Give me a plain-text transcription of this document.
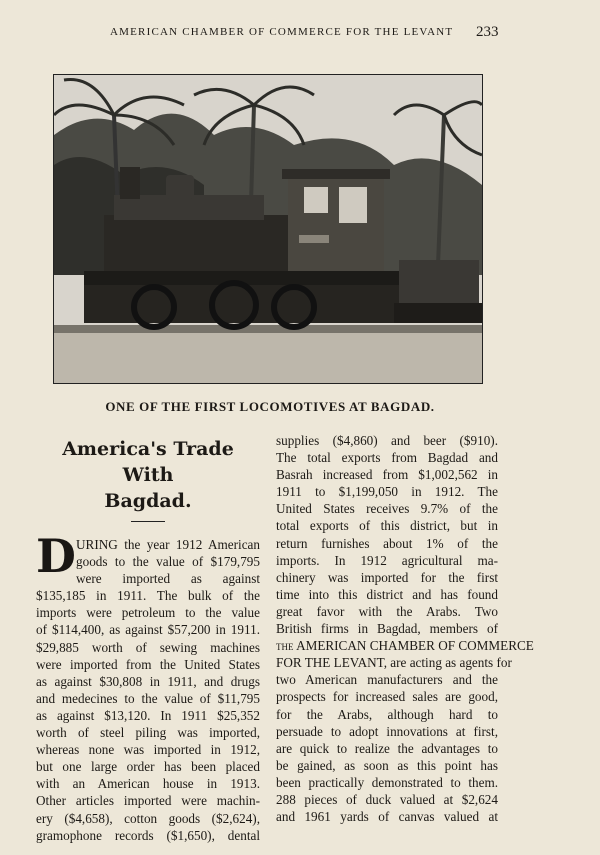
AMERICAN CHAMBER OF COMMERCE FOR THE LEVANT 233
ONE OF THE FIRST LOCOMOTIVES AT BAGDAD.
America's Trade With
Bagdad.
D URING the year 1912 American
goods to the value of $179,795
were imported as against
$135,185 in 1911. The bulk of the
imports were petroleum to the value
of $114,400, as against $57,200 in 1911.
$29,885 worth of sewing machines
were imported from the United States
as against $30,808 in 1911, and drugs
and medecines to the value of $11,795
as against $13,120. In 1911 $25,352
worth of steel piling was imported,
whereas none was imported in 1912,
but one large order has been placed
with an American house in 1913.
Other articles imported were machin-
ery ($4,658), cotton goods ($2,624),
gramophone records ($1,650), dental
supplies ($4,860) and beer ($910).
The total exports from Bagdad and
Basrah increased from $1,002,562 in
1911 to $1,199,050 in 1912. The
United States receives 9.7% of the
total exports of this district, but in
return furnishes about 1% of the
imports. In 1912 agricultural ma-
chinery was imported for the first
time into this district and has found
great favor with the Arabs. Two
British firms in Bagdad, members of
the AMERICAN CHAMBER OF COMMERCE
FOR THE LEVANT, are acting as agents for
two American manufacturers and the
prospects for increased sales are good,
for the Arabs, although hard to
persuade to adopt innovations at first,
are quick to realize the advantages to
be gained, as soon as this point has
been practically demonstrated to them.
288 pieces of duck valued at $2,624
and 1961 yards of canvas valued at
